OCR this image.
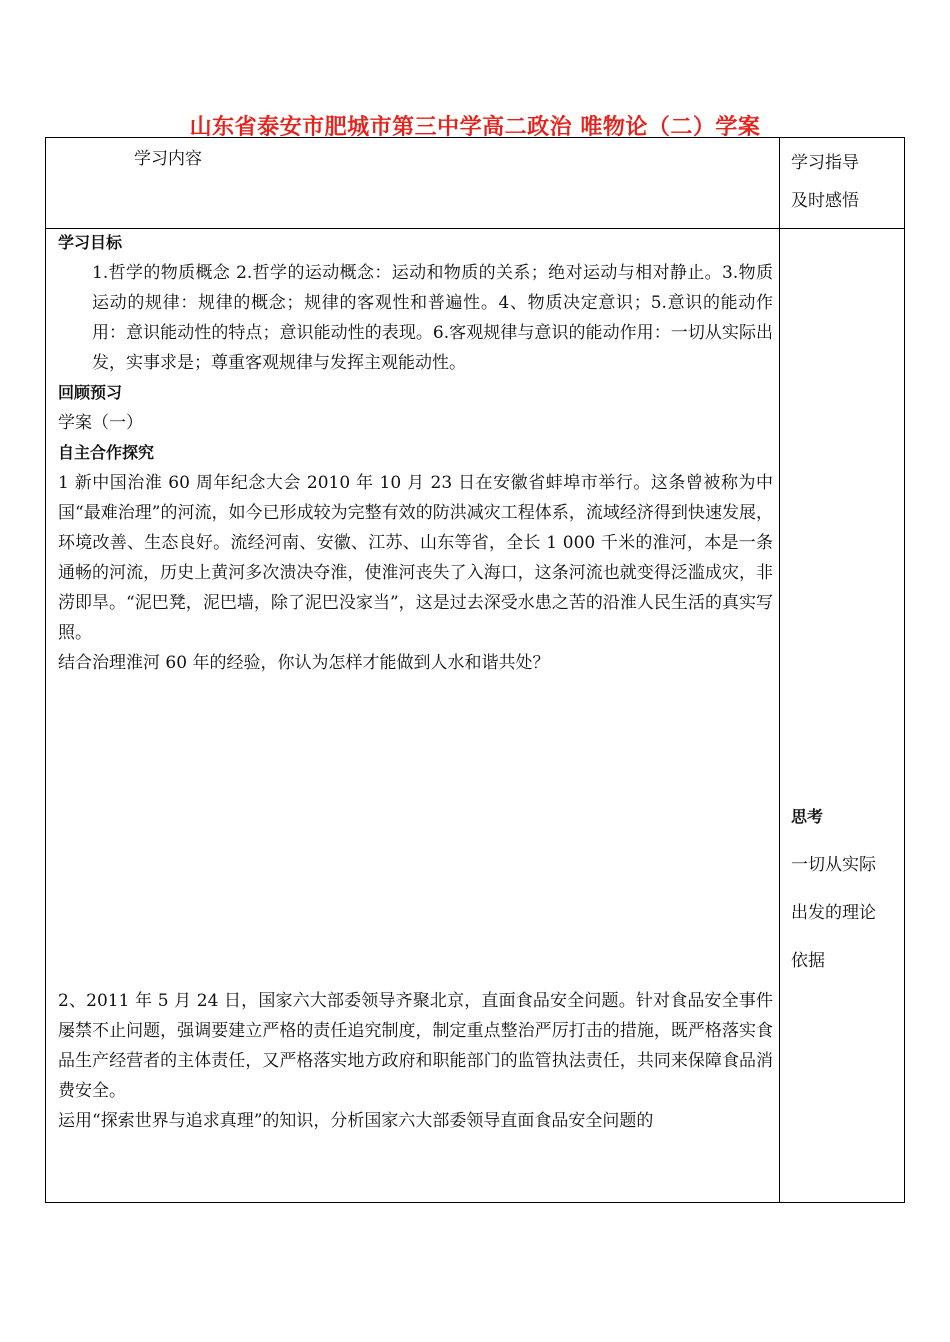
山东省泰安市肥城市第三中学高二政治 唯物论（二）学案
学习内容	学习指导
及时感悟
学习目标
1.哲学的物质概念 2.哲学的运动概念：运动和物质的关系；绝对运动与相对静止。3.物质运动的规律：规律的概念；规律的客观性和普遍性。4、物质决定意识；5.意识的能动作用：意识能动性的特点；意识能动性的表现。6.客观规律与意识的能动作用：一切从实际出发，实事求是；尊重客观规律与发挥主观能动性。
回顾预习
学案（一）
自主合作探究
1 新中国治淮 60 周年纪念大会 2010 年 10 月 23 日在安徽省蚌埠市举行。这条曾被称为中国“最难治理”的河流，如今已形成较为完整有效的防洪减灾工程体系，流域经济得到快速发展，环境改善、生态良好。流经河南、安徽、江苏、山东等省，全长 1 000 千米的淮河，本是一条通畅的河流，历史上黄河多次溃决夺淮，使淮河丧失了入海口，这条河流也就变得泛滥成灾，非涝即旱。“泥巴凳，泥巴墙，除了泥巴没家当”，这是过去深受水患之苦的沿淮人民生活的真实写照。
结合治理淮河 60 年的经验，你认为怎样才能做到人水和谐共处？
2、2011 年 5 月 24 日，国家六大部委领导齐聚北京，直面食品安全问题。针对食品安全事件屡禁不止问题，强调要建立严格的责任追究制度，制定重点整治严厉打击的措施，既严格落实食品生产经营者的主体责任，又严格落实地方政府和职能部门的监管执法责任，共同来保障食品消费安全。
运用“探索世界与追求真理”的知识，分析国家六大部委领导直面食品安全问题的
思考
一切从实际
出发的理论
依据
